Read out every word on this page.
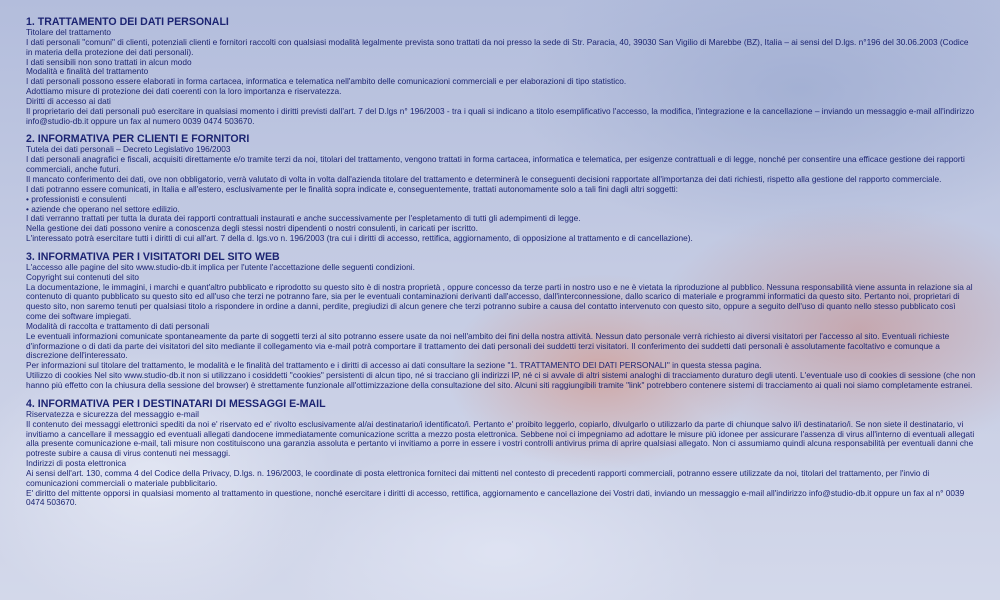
1. TRATTAMENTO DEI DATI PERSONALI

Titolare del trattamento

I dati personali "comuni" di clienti, potenziali clienti e fornitori raccolti con qualsiasi modalità legalmente prevista sono trattati da noi presso la sede di Str. Paracia, 40, 39030 San Vigilio di Marebbe (BZ), Italia – ai sensi del D.lgs. n°196 del 30.06.2003 (Codice in materia della protezione dei dati personali).

I dati sensibili non sono trattati in alcun modo

Modalità e finalità del trattamento

I dati personali possono essere elaborati in forma cartacea, informatica e telematica nell'ambito delle comunicazioni commerciali e per elaborazioni di tipo statistico.

Adottiamo misure di protezione dei dati coerenti con la loro importanza e riservatezza.

Diritti di accesso ai dati

Il proprietario dei dati personali può esercitare in qualsiasi momento i diritti previsti dall'art. 7 del D.lgs n° 196/2003 - tra i quali si indicano a titolo esemplificativo l'accesso, la modifica, l'integrazione e la cancellazione – inviando un messaggio e-mail all'indirizzo info@studio-db.it oppure un fax al numero 0039 0474 503670.

2. INFORMATIVA PER CLIENTI E FORNITORI

Tutela dei dati personali – Decreto Legislativo 196/2003

I dati personali anagrafici e fiscali, acquisiti direttamente e/o tramite terzi da noi, titolari del trattamento, vengono trattati in forma cartacea, informatica e telematica, per esigenze contrattuali e di legge, nonché per consentire una efficace gestione dei rapporti commerciali, anche futuri.

Il mancato conferimento dei dati, ove non obbligatorio, verrà valutato di volta in volta dall'azienda titolare del trattamento e determinerà le conseguenti decisioni rapportate all'importanza dei dati richiesti, rispetto alla gestione del rapporto commerciale.

I dati potranno essere comunicati, in Italia e all'estero, esclusivamente per le finalità sopra indicate e, conseguentemente, trattati autonomamente solo a tali fini dagli altri soggetti:

• professionisti e consulenti
• aziende che operano nel settore edilizio.

I dati verranno trattati per tutta la durata dei rapporti contrattuali instaurati e anche successivamente per l'espletamento di tutti gli adempimenti di legge.

Nella gestione dei dati possono venire a conoscenza degli stessi nostri dipendenti o nostri consulenti, in caricati per iscritto.

L'interessato potrà esercitare tutti i diritti di cui all'art. 7 della d. lgs.vo n. 196/2003 (tra cui i diritti di accesso, rettifica, aggiornamento, di opposizione al trattamento e di cancellazione).

3. INFORMATIVA PER I VISITATORI DEL SITO WEB

L'accesso alle pagine del sito www.studio-db.it implica per l'utente l'accettazione delle seguenti condizioni.

Copyright sui contenuti del sito

La documentazione, le immagini, i marchi e quant'altro pubblicato e riprodotto su questo sito è di nostra proprietà , oppure concesso da terze parti in nostro uso e ne è vietata la riproduzione al pubblico. Nessuna responsabilità viene assunta in relazione sia al contenuto di quanto pubblicato su questo sito ed all'uso che terzi ne potranno fare, sia per le eventuali contaminazioni derivanti dall'accesso, dall'interconnessione, dallo scarico di materiale e programmi informatici da questo sito. Pertanto noi, proprietari di questo sito, non saremo tenuti per qualsiasi titolo a rispondere in ordine a danni, perdite, pregiudizi di alcun genere che terzi potranno subire a causa del contatto intervenuto con questo sito, oppure a seguito dell'uso di quanto nello stesso pubblicato così come dei software impiegati.

Modalità di raccolta e trattamento di dati personali

Le eventuali informazioni comunicate spontaneamente da parte di soggetti terzi al sito potranno essere usate da noi nell'ambito dei fini della nostra attività. Nessun dato personale verrà richiesto ai diversi visitatori per l'accesso al sito. Eventuali richieste d'informazione o di dati da parte dei visitatori del sito mediante il collegamento via e-mail potrà comportare il trattamento dei dati personali dei suddetti terzi visitatori. Il conferimento dei suddetti dati personali è assolutamente facoltativo e comunque a discrezione dell'interessato.

Per informazioni sul titolare del trattamento, le modalità e le finalità del trattamento e i diritti di accesso ai dati consultare la sezione "1. TRATTAMENTO DEI DATI PERSONALI" in questa stessa pagina.

Utilizzo di cookies Nel sito www.studio-db.it non si utilizzano i cosiddetti "cookies" persistenti di alcun tipo, né si tracciano gli indirizzi IP, né ci si avvale di altri sistemi analoghi di tracciamento duraturo degli utenti. L'eventuale uso di cookies di sessione (che non hanno più effetto con la chiusura della sessione del browser) è strettamente funzionale all'ottimizzazione della consultazione del sito. Alcuni siti raggiungibili tramite "link" potrebbero contenere sistemi di tracciamento ai quali noi siamo completamente estranei.

4. INFORMATIVA PER I DESTINATARI DI MESSAGGI E-MAIL

Riservatezza e sicurezza del messaggio e-mail

Il contenuto dei messaggi elettronici spediti da noi e' riservato ed e' rivolto esclusivamente al/ai destinatario/i identificato/i. Pertanto e' proibito leggerlo, copiarlo, divulgarlo o utilizzarlo da parte di chiunque salvo il/i destinatario/i. Se non siete il destinatario, vi invitiamo a cancellare il messaggio ed eventuali allegati dandocene immediatamente comunicazione scritta a mezzo posta elettronica. Sebbene noi ci impegniamo ad adottare le misure più idonee per assicurare l'assenza di virus all'interno di eventuali allegati alla presente comunicazione e-mail, tali misure non costituiscono una garanzia assoluta e pertanto vi invitiamo a porre in essere i vostri controlli antivirus prima di aprire qualsiasi allegato. Non ci assumiamo quindi alcuna responsabilità per eventuali danni che potreste subire a causa di virus contenuti nei messaggi.

Indirizzi di posta elettronica

Ai sensi dell'art. 130, comma 4 del Codice della Privacy, D.lgs. n. 196/2003, le coordinate di posta elettronica forniteci dai mittenti nel contesto di precedenti rapporti commerciali, potranno essere utilizzate da noi, titolari del trattamento, per l'invio di comunicazioni commerciali o materiale pubblicitario.

E' diritto del mittente opporsi in qualsiasi momento al trattamento in questione, nonché esercitare i diritti di accesso, rettifica, aggiornamento e cancellazione dei Vostri dati, inviando un messaggio e-mail all'indirizzo info@studio-db.it oppure un fax al n° 0039 0474 503670.
